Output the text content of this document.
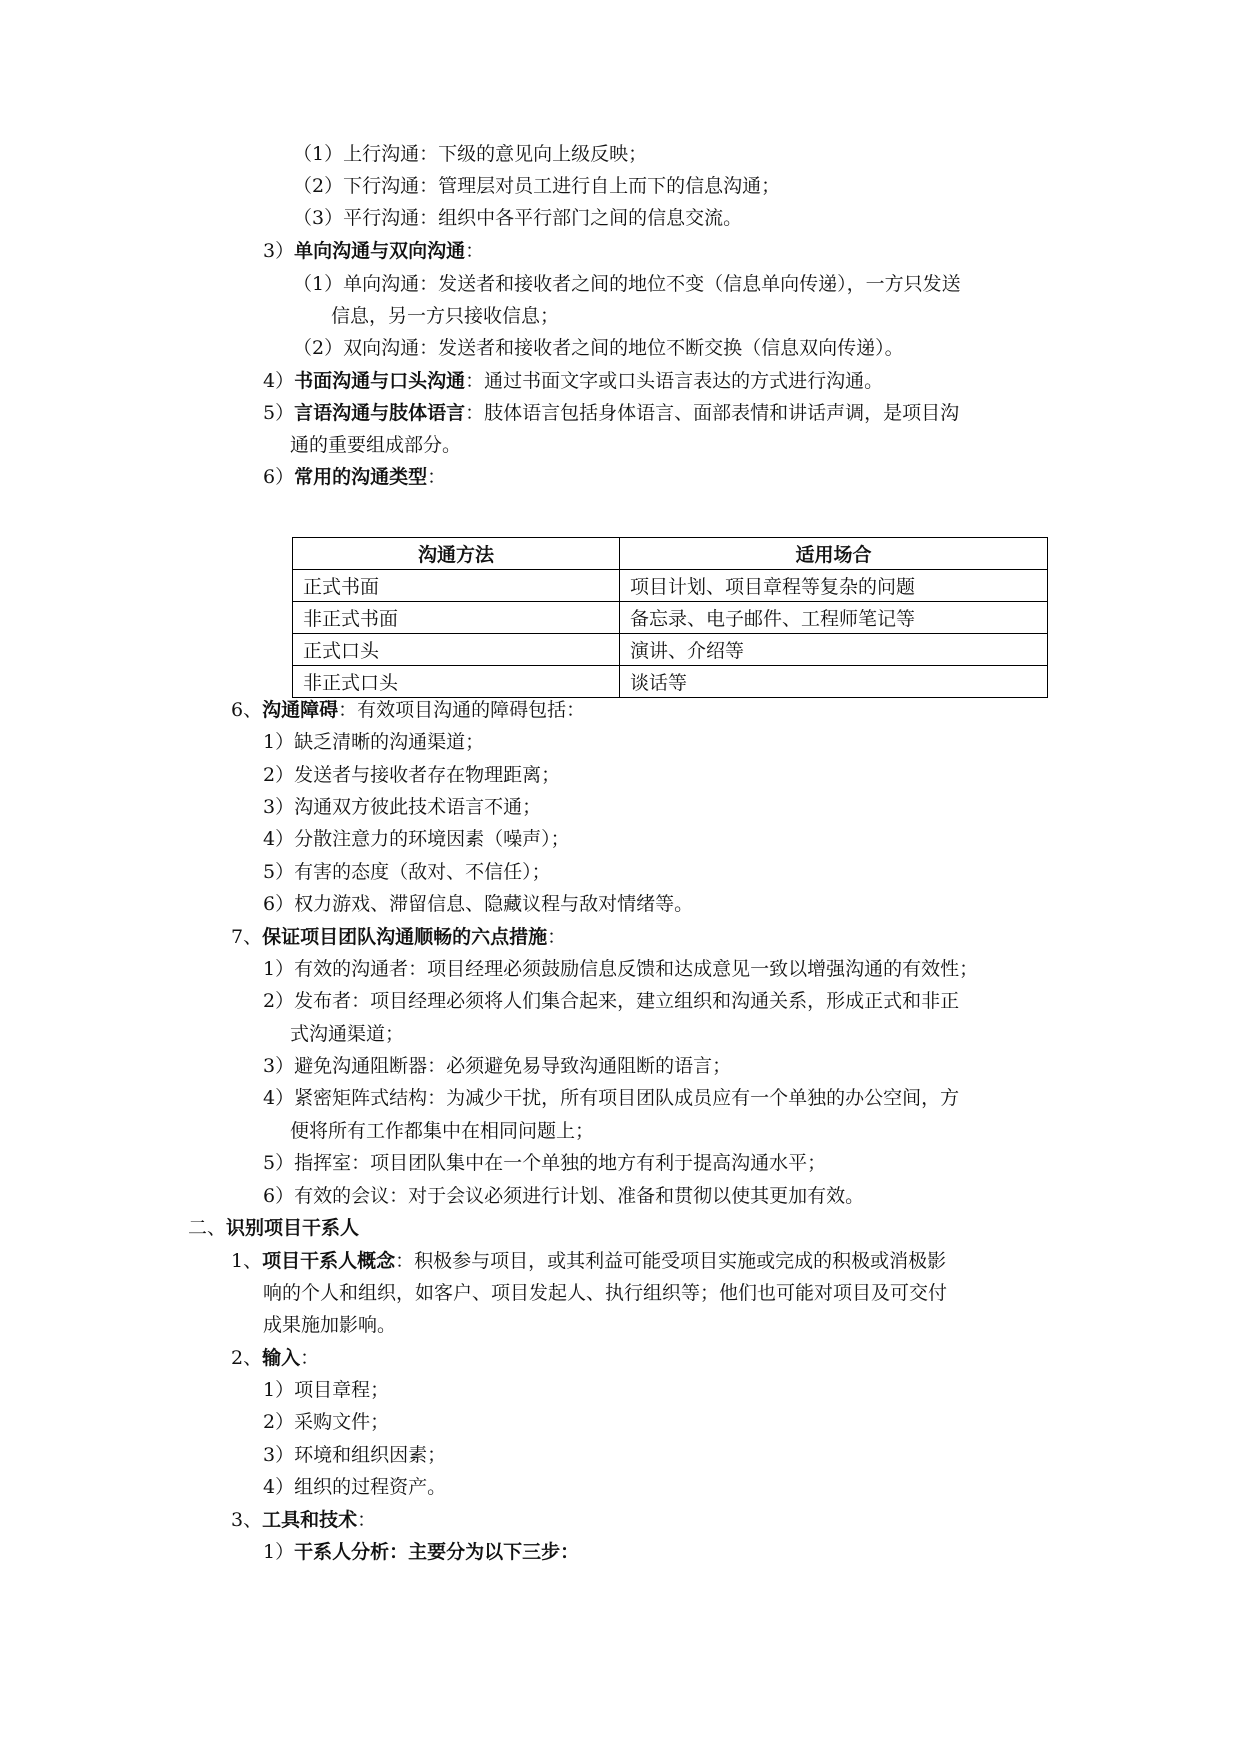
（1）上行沟通：下级的意见向上级反映；
（2）下行沟通：管理层对员工进行自上而下的信息沟通；
（3）平行沟通：组织中各平行部门之间的信息交流。
3）单向沟通与双向沟通：
（1）单向沟通：发送者和接收者之间的地位不变（信息单向传递），一方只发送
信息，另一方只接收信息；
（2）双向沟通：发送者和接收者之间的地位不断交换（信息双向传递）。
4）书面沟通与口头沟通：通过书面文字或口头语言表达的方式进行沟通。
5）言语沟通与肢体语言：肢体语言包括身体语言、面部表情和讲话声调，是项目沟
通的重要组成部分。
6）常用的沟通类型：
6、沟通障碍：有效项目沟通的障碍包括：
1）缺乏清晰的沟通渠道；
2）发送者与接收者存在物理距离；
3）沟通双方彼此技术语言不通；
4）分散注意力的环境因素（噪声）；
5）有害的态度（敌对、不信任）；
6）权力游戏、滞留信息、隐藏议程与敌对情绪等。
7、保证项目团队沟通顺畅的六点措施：
1）有效的沟通者：项目经理必须鼓励信息反馈和达成意见一致以增强沟通的有效性；
2）发布者：项目经理必须将人们集合起来，建立组织和沟通关系，形成正式和非正
式沟通渠道；
3）避免沟通阻断器：必须避免易导致沟通阻断的语言；
4）紧密矩阵式结构：为减少干扰，所有项目团队成员应有一个单独的办公空间，方
便将所有工作都集中在相同问题上；
5）指挥室：项目团队集中在一个单独的地方有利于提高沟通水平；
6）有效的会议：对于会议必须进行计划、准备和贯彻以使其更加有效。
二、识别项目干系人
1、项目干系人概念：积极参与项目，或其利益可能受项目实施或完成的积极或消极影
响的个人和组织，如客户、项目发起人、执行组织等；他们也可能对项目及可交付
成果施加影响。
2、输入：
1）项目章程；
2）采购文件；
3）环境和组织因素；
4）组织的过程资产。
3、工具和技术：
1）干系人分析：主要分为以下三步：
沟通方法	适用场合
正式书面	项目计划、项目章程等复杂的问题
非正式书面	备忘录、电子邮件、工程师笔记等
正式口头	演讲、介绍等
非正式口头	谈话等
